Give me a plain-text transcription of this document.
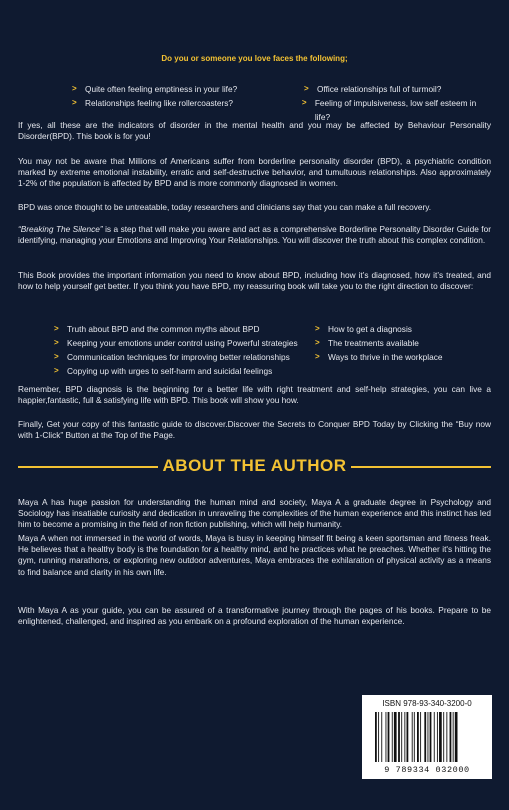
Do you or someone you love faces the following;
>	Quite often feeling emptiness in your life?	>	Office relationships full of turmoil?
>	Relationships feeling like rollercoasters?	>	Feeling of impulsiveness, low self esteem in life?
If yes, all these are the indicators of disorder in the mental health and you may be affected by Behaviour Personality Disorder(BPD). This book is for you!
You may not be aware that Millions of Americans suffer from borderline personality disorder (BPD), a psychiatric condition marked by extreme emotional instability, erratic and self-destructive behavior, and tumultuous relationships. Also approximately 1-2% of the population is affected by BPD and is more commonly diagnosed in women.
BPD was once thought to be untreatable, today researchers and clinicians say that you can make a full recovery.
“Breaking The Silence” is a step that will make you aware and act as a comprehensive Borderline Personality Disorder Guide for identifying, managing your Emotions and Improving Your Relationships. You will discover the truth about this complex condition.
This Book provides the important information you need to know about BPD, including how it’s diagnosed, how it’s treated, and how to help yourself get better. If you think you have BPD, my reassuring book will take you to the right direction to discover:
>	Truth about BPD and the common myths about BPD	>	How to get a diagnosis
>	Keeping your emotions under control using Powerful strategies >	The treatments available
>	Communication techniques for improving better relationships	>	Ways to thrive in the workplace
>	Copying up with urges to self-harm and suicidal feelings
Remember, BPD diagnosis is the beginning for a better life with right treatment and self-help strategies, you can live a happier,fantastic, full & satisfying life with BPD. This book will show you how.
Finally, Get your copy of this fantastic guide to discover.Discover the Secrets to Conquer BPD Today by Clicking the “Buy now with 1-Click” Button at the Top of the Page.
ABOUT THE AUTHOR
Maya A has huge passion for understanding the human mind and society, Maya A a graduate degree in Psychology and Sociology has insatiable curiosity and dedication in unraveling the complexities of the human experience and this instinct has led him to become a promising in the field of non fiction publishing, which will help humanity.
Maya A when not immersed in the world of words, Maya is busy in keeping himself fit being a keen sportsman and fitness freak. He believes that a healthy body is the foundation for a healthy mind, and he practices what he preaches. Whether it's hitting the gym, running marathons, or exploring new outdoor adventures, Maya embraces the exhilaration of physical activity as a means to find balance and clarity in his own life.
With Maya A as your guide, you can be assured of a transformative journey through the pages of his books. Prepare to be enlightened, challenged, and inspired as you embark on a profound exploration of the human experience.
ISBN 978-93-340-3200-0
9 789334 032000
